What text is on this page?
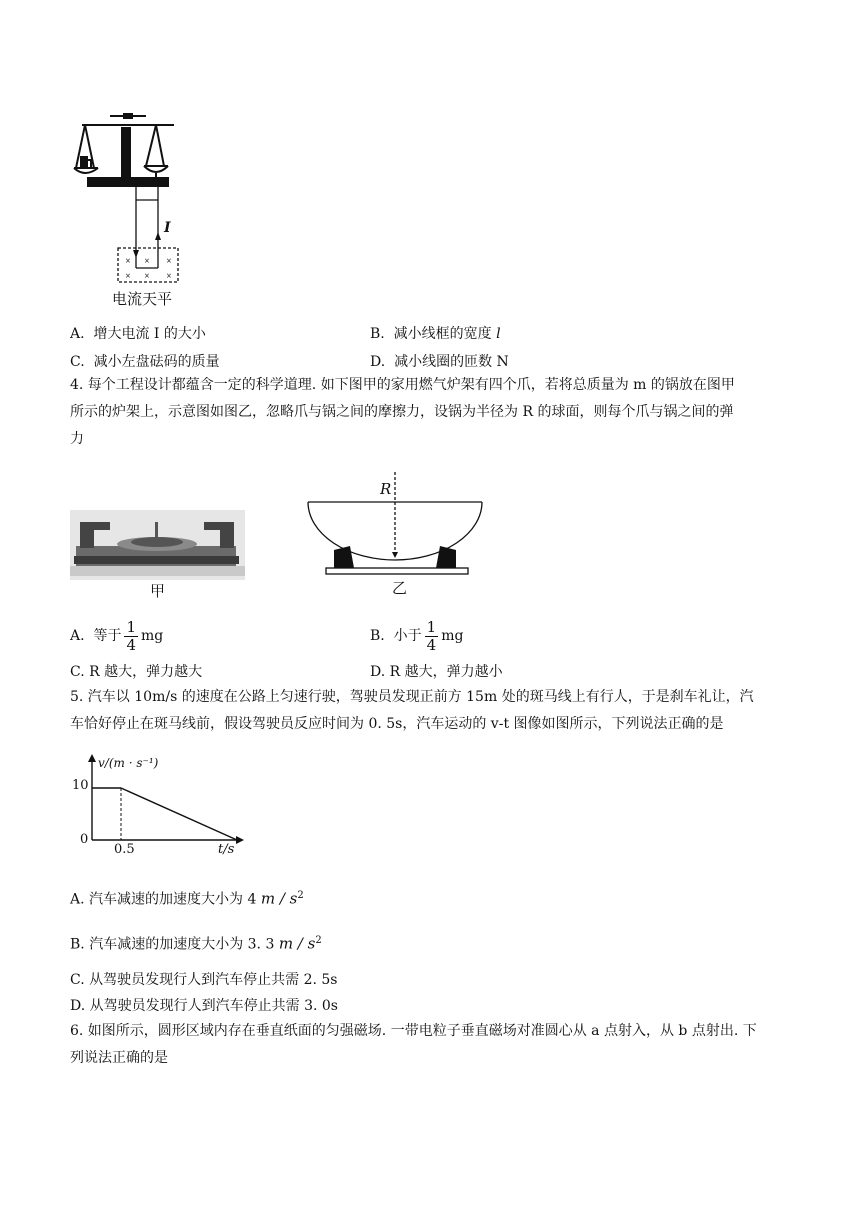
× × ×
× × ×
I
电流天平
A. 增大电流 I 的大小	B. 减小线框的宽度 l
C. 减小左盘砝码的质量	D. 减小线圈的匝数 N
4. 每个工程设计都蕴含一定的科学道理. 如下图甲的家用燃气炉架有四个爪，若将总质量为 m 的锅放在图甲
所示的炉架上，示意图如图乙，忽略爪与锅之间的摩擦力，设锅为半径为 R 的球面，则每个爪与锅之间的弹
力
甲
R
乙
A. 等于 $\frac{1}{4}$ mg	B. 小于 $\frac{1}{4}$ mg
C. R 越大，弹力越大	D. R 越大，弹力越小
5. 汽车以 10m/s 的速度在公路上匀速行驶，驾驶员发现正前方 15m 处的斑马线上有行人，于是刹车礼让，汽
车恰好停止在斑马线前，假设驾驶员反应时间为 0. 5s，汽车运动的 v-t 图像如图所示，下列说法正确的是
v/(m · s⁻¹)
10
0
0.5	t/s
A. 汽车减速的加速度大小为 4 m / $s^2$
B. 汽车减速的加速度大小为 3. 3 m / $s^2$
C. 从驾驶员发现行人到汽车停止共需 2. 5s
D. 从驾驶员发现行人到汽车停止共需 3. 0s
6. 如图所示，圆形区域内存在垂直纸面的匀强磁场. 一带电粒子垂直磁场对准圆心从 a 点射入，从 b 点射出. 下
列说法正确的是
